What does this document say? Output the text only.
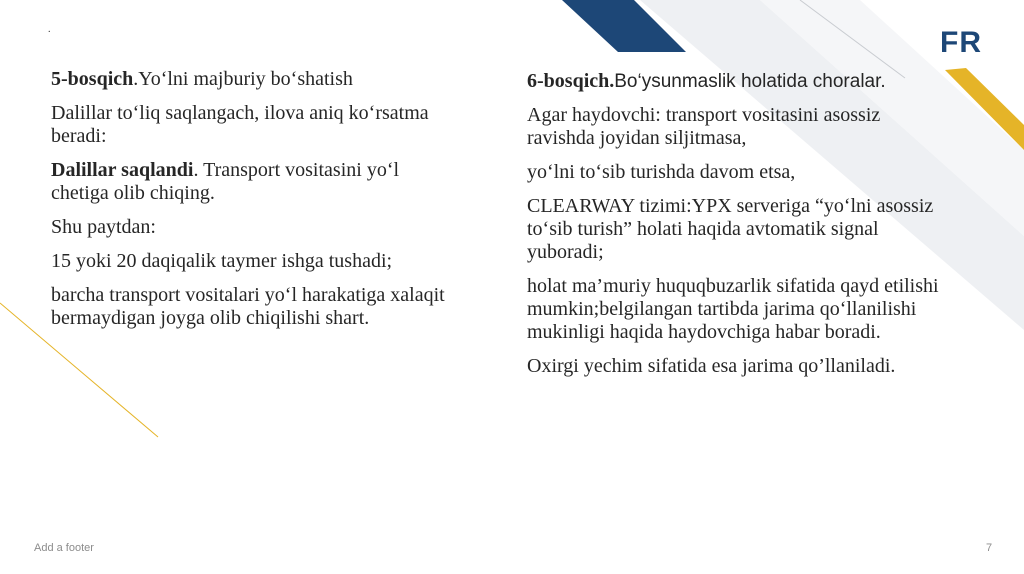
.	FR

5-bosqich.Yo‘lni majburiy bo‘shatish

Dalillar to‘liq saqlangach, ilova aniq ko‘rsatma beradi:

Dalillar saqlandi. Transport vositasini yo‘l chetiga olib chiqing.

Shu paytdan:

15 yoki 20 daqiqalik taymer ishga tushadi;

barcha transport vositalari yo‘l harakatiga xalaqit bermaydigan joyga olib chiqilishi shart.

6-bosqich.Bo‘ysunmaslik holatida choralar.

Agar haydovchi: transport vositasini asossiz ravishda joyidan siljitmasa,

yo‘lni to‘sib turishda davom etsa,

CLEARWAY tizimi:YPX serveriga “yo‘lni asossiz to‘sib turish” holati haqida avtomatik signal yuboradi;

holat ma’muriy huquqbuzarlik sifatida qayd etilishi mumkin;belgilangan tartibda jarima qo‘llanilishi mukinligi haqida haydovchiga habar boradi.

Oxirgi yechim sifatida esa jarima qo’llaniladi.

Add a footer	7
